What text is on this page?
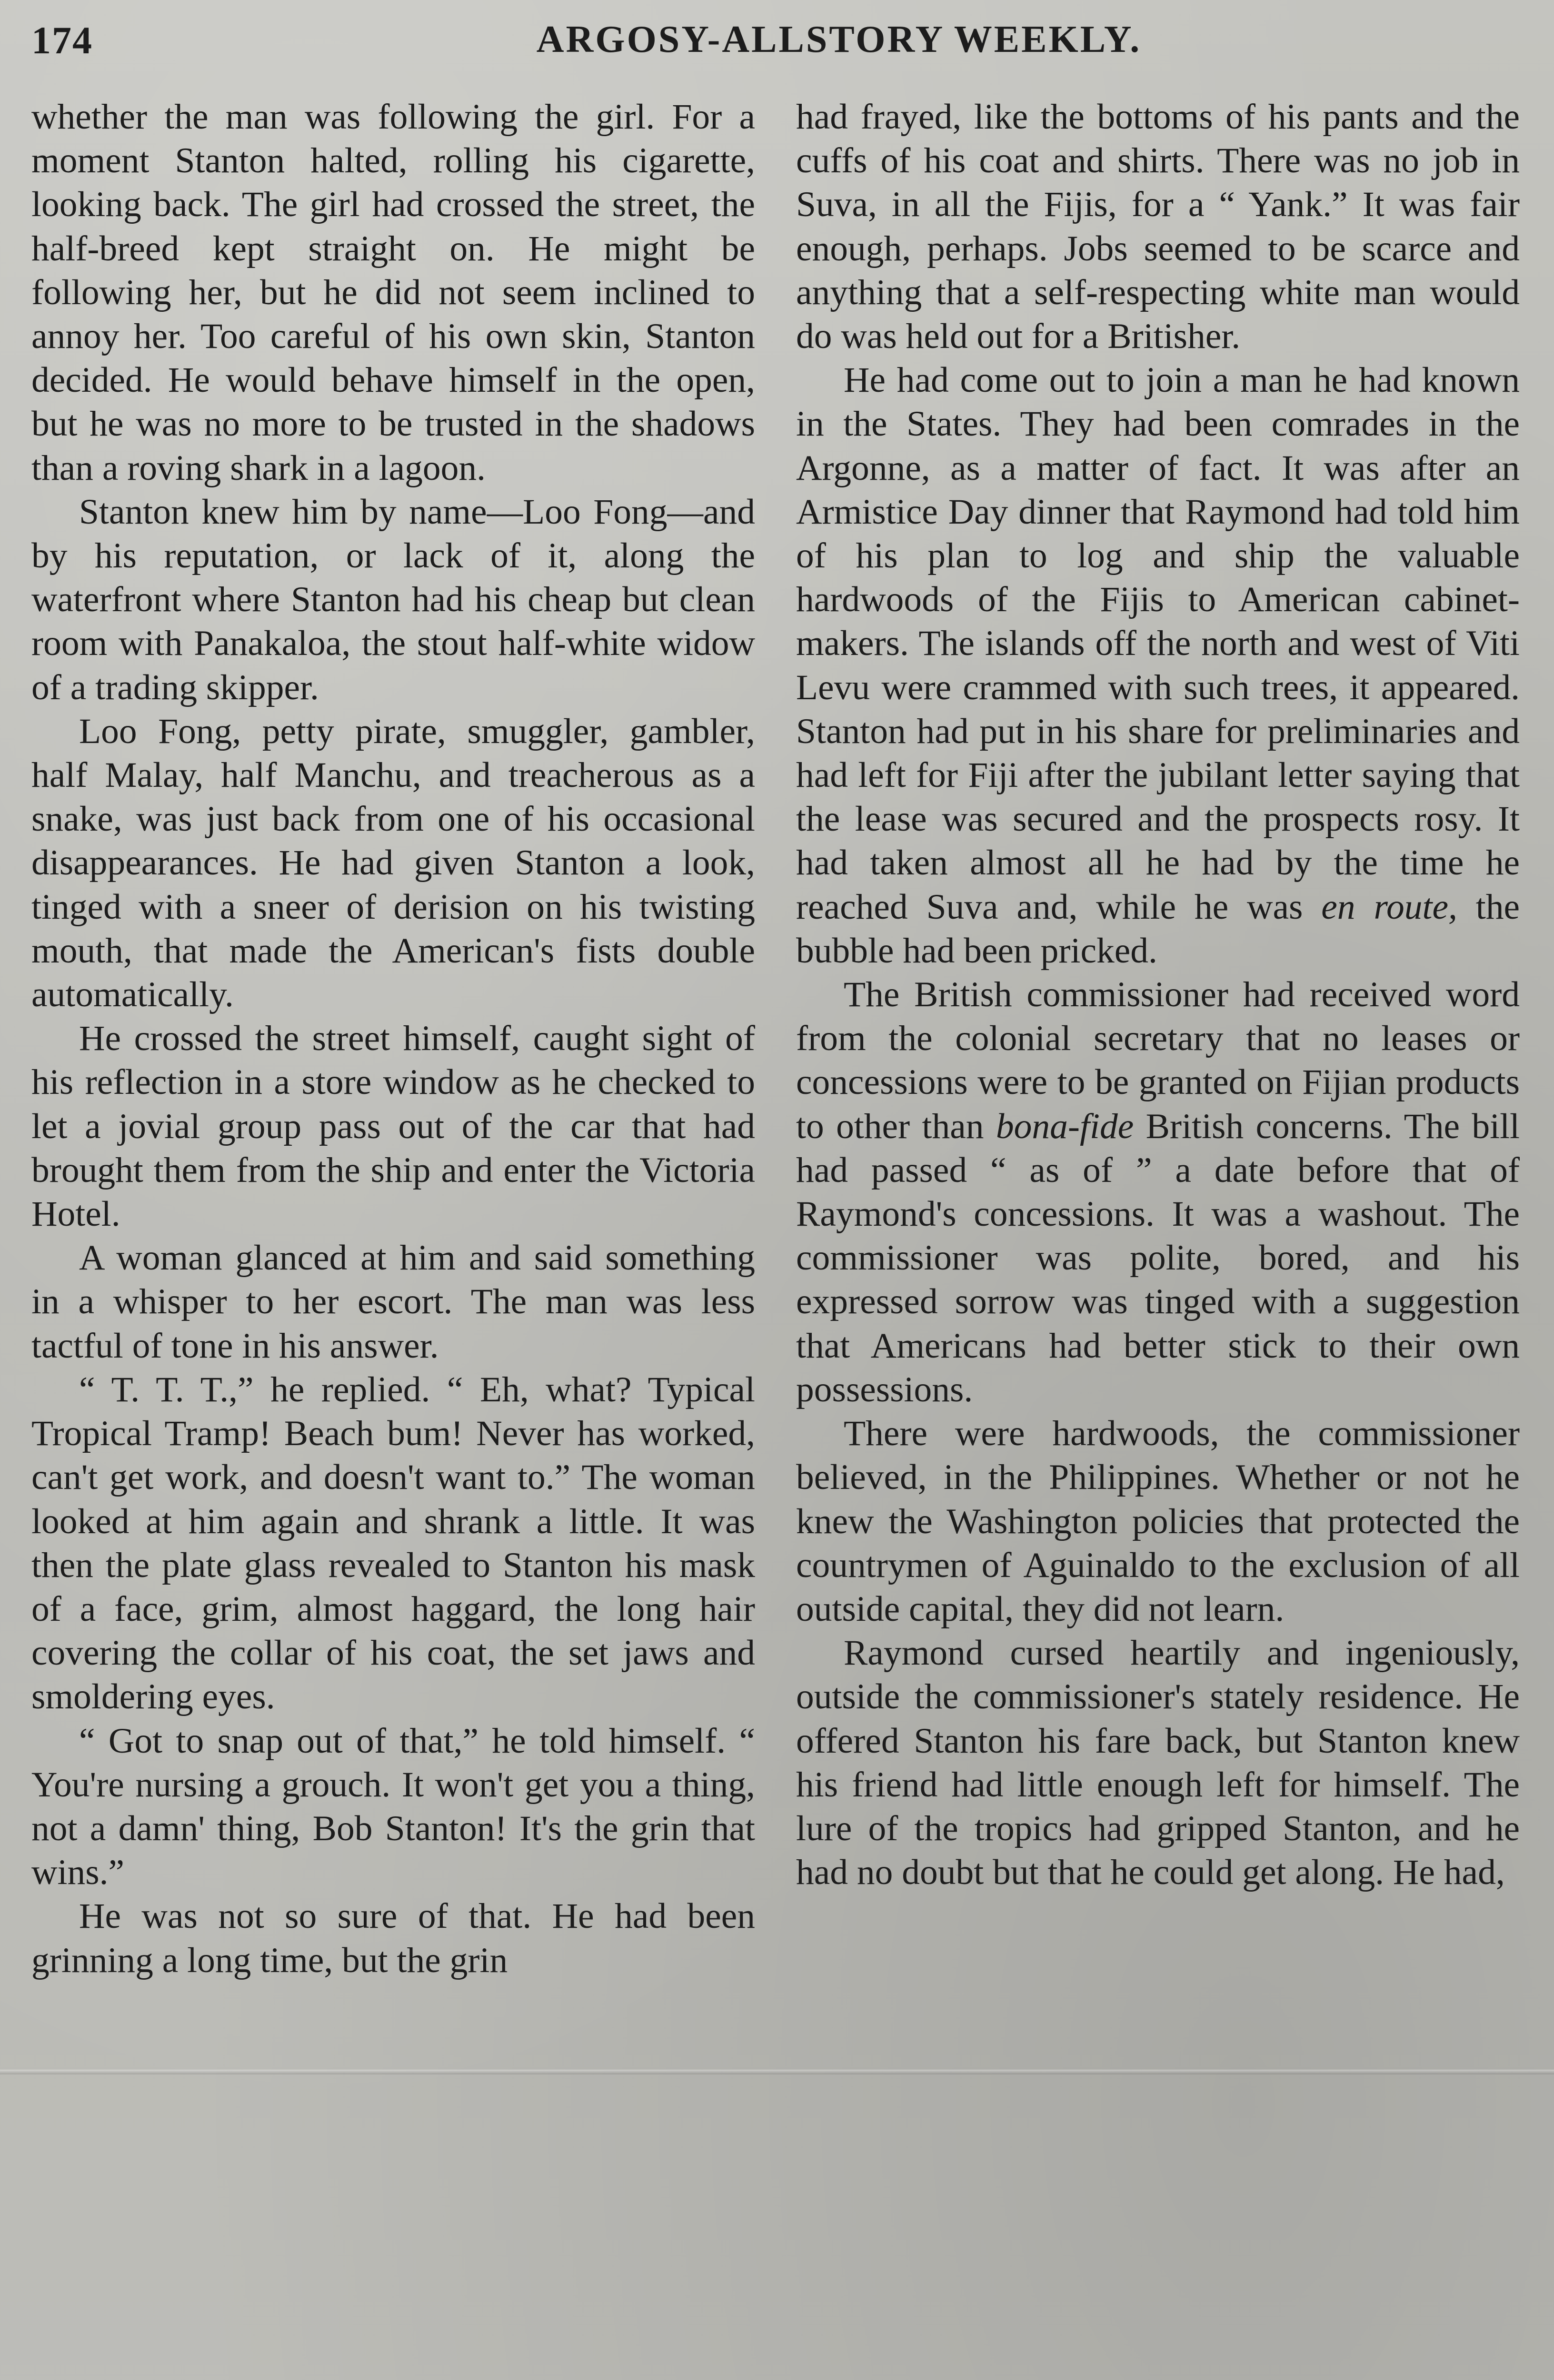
174	ARGOSY-ALLSTORY WEEKLY.

whether the man was following the girl. For a moment Stanton halted, rolling his cigarette, looking back. The girl had crossed the street, the half-breed kept straight on. He might be following her, but he did not seem inclined to annoy her. Too careful of his own skin, Stanton decided. He would behave himself in the open, but he was no more to be trusted in the shadows than a roving shark in a lagoon.

Stanton knew him by name—Loo Fong—and by his reputation, or lack of it, along the waterfront where Stanton had his cheap but clean room with Panakaloa, the stout half-white widow of a trading skipper.

Loo Fong, petty pirate, smuggler, gambler, half Malay, half Manchu, and treacherous as a snake, was just back from one of his occasional disappearances. He had given Stanton a look, tinged with a sneer of derision on his twisting mouth, that made the American's fists double automatically.

He crossed the street himself, caught sight of his reflection in a store window as he checked to let a jovial group pass out of the car that had brought them from the ship and enter the Victoria Hotel.

A woman glanced at him and said something in a whisper to her escort. The man was less tactful of tone in his answer.

“ T. T. T.,” he replied. “ Eh, what? Typical Tropical Tramp! Beach bum! Never has worked, can't get work, and doesn't want to.” The woman looked at him again and shrank a little. It was then the plate glass revealed to Stanton his mask of a face, grim, almost haggard, the long hair covering the collar of his coat, the set jaws and smoldering eyes.

“ Got to snap out of that,” he told himself. “ You're nursing a grouch. It won't get you a thing, not a damn' thing, Bob Stanton! It's the grin that wins.”

He was not so sure of that. He had been grinning a long time, but the grin

had frayed, like the bottoms of his pants and the cuffs of his coat and shirts. There was no job in Suva, in all the Fijis, for a “ Yank.” It was fair enough, perhaps. Jobs seemed to be scarce and anything that a self-respecting white man would do was held out for a Britisher.

He had come out to join a man he had known in the States. They had been comrades in the Argonne, as a matter of fact. It was after an Armistice Day dinner that Raymond had told him of his plan to log and ship the valuable hardwoods of the Fijis to American cabinet-makers. The islands off the north and west of Viti Levu were crammed with such trees, it appeared. Stanton had put in his share for preliminaries and had left for Fiji after the jubilant letter saying that the lease was secured and the prospects rosy. It had taken almost all he had by the time he reached Suva and, while he was en route, the bubble had been pricked.

The British commissioner had received word from the colonial secretary that no leases or concessions were to be granted on Fijian products to other than bona-fide British concerns. The bill had passed “ as of ” a date before that of Raymond's concessions. It was a washout. The commissioner was polite, bored, and his expressed sorrow was tinged with a suggestion that Americans had better stick to their own possessions.

There were hardwoods, the commissioner believed, in the Philippines. Whether or not he knew the Washington policies that protected the countrymen of Aguinaldo to the exclusion of all outside capital, they did not learn.

Raymond cursed heartily and ingeniously, outside the commissioner's stately residence. He offered Stanton his fare back, but Stanton knew his friend had little enough left for himself. The lure of the tropics had gripped Stanton, and he had no doubt but that he could get along. He had,
